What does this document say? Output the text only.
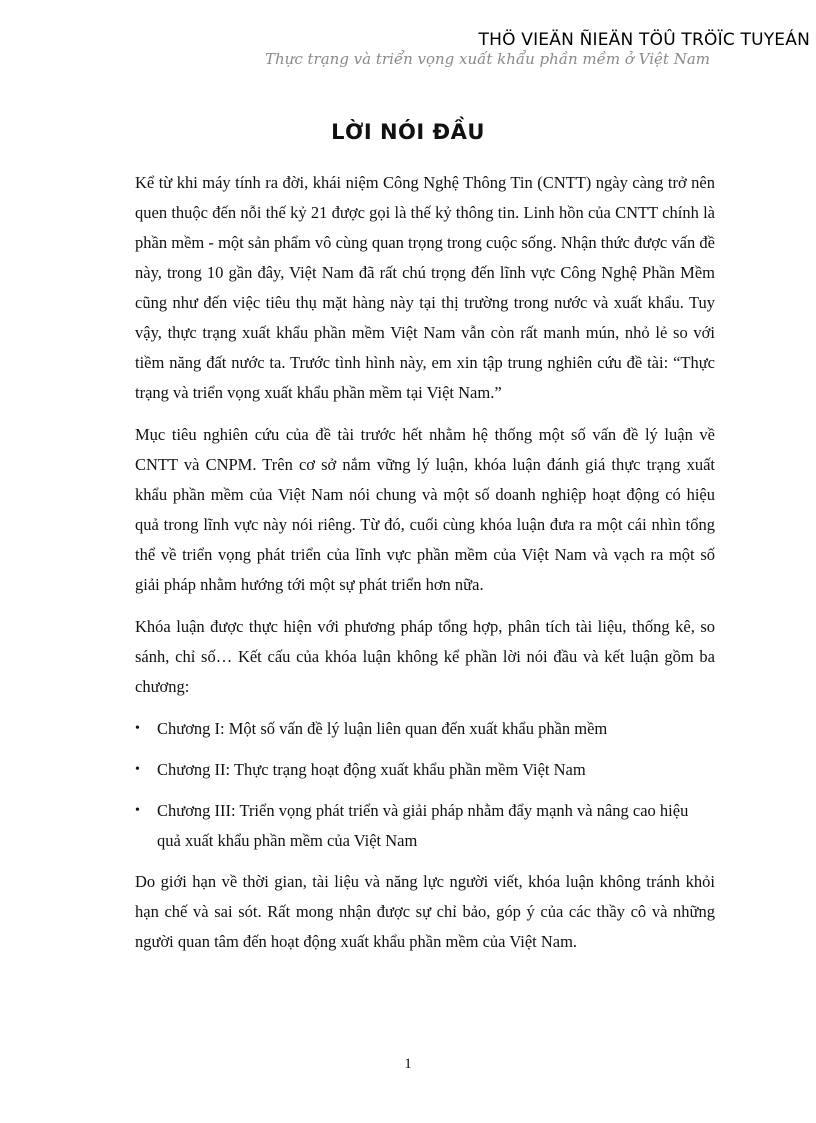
THÖ VIEÄN ÑIEÄN TÖÛ TRÖÏC TUYEÁN
Thực trạng và triển vọng xuất khẩu phần mềm ở Việt Nam
LỜI NÓI ĐẦU

Kể từ khi máy tính ra đời, khái niệm Công Nghệ Thông Tin (CNTT) ngày càng trở nên quen thuộc đến nỗi thế kỷ 21 được gọi là thế kỷ thông tin. Linh hồn của CNTT chính là phần mềm - một sản phẩm vô cùng quan trọng trong cuộc sống. Nhận thức được vấn đề này, trong 10 gần đây, Việt Nam đã rất chú trọng đến lĩnh vực Công Nghệ Phần Mềm cũng như đến việc tiêu thụ mặt hàng này tại thị trường trong nước và xuất khẩu. Tuy vậy, thực trạng xuất khẩu phần mềm Việt Nam vẫn còn rất manh mún, nhỏ lẻ so với tiềm năng đất nước ta. Trước tình hình này, em xin tập trung nghiên cứu đề tài: “Thực trạng và triển vọng xuất khẩu phần mềm tại Việt Nam.”

Mục tiêu nghiên cứu của đề tài trước hết nhằm hệ thống một số vấn đề lý luận về CNTT và CNPM. Trên cơ sở nắm vững lý luận, khóa luận đánh giá thực trạng xuất khẩu phần mềm của Việt Nam nói chung và một số doanh nghiệp hoạt động có hiệu quả trong lĩnh vực này nói riêng. Từ đó, cuối cùng khóa luận đưa ra một cái nhìn tổng thể về triển vọng phát triển của lĩnh vực phần mềm của Việt Nam và vạch ra một số giải pháp nhằm hướng tới một sự phát triển hơn nữa.

Khóa luận được thực hiện với phương pháp tổng hợp, phân tích tài liệu, thống kê, so sánh, chỉ số… Kết cấu của khóa luận không kể phần lời nói đầu và kết luận gồm ba chương:

• Chương I: Một số vấn đề lý luận liên quan đến xuất khẩu phần mềm
• Chương II: Thực trạng hoạt động xuất khẩu phần mềm Việt Nam
• Chương III: Triển vọng phát triển và giải pháp nhằm đẩy mạnh và nâng cao hiệu quả xuất khẩu phần mềm của Việt Nam

Do giới hạn về thời gian, tài liệu và năng lực người viết, khóa luận không tránh khỏi hạn chế và sai sót. Rất mong nhận được sự chỉ bảo, góp ý của các thầy cô và những người quan tâm đến hoạt động xuất khẩu phần mềm của Việt Nam.

1
